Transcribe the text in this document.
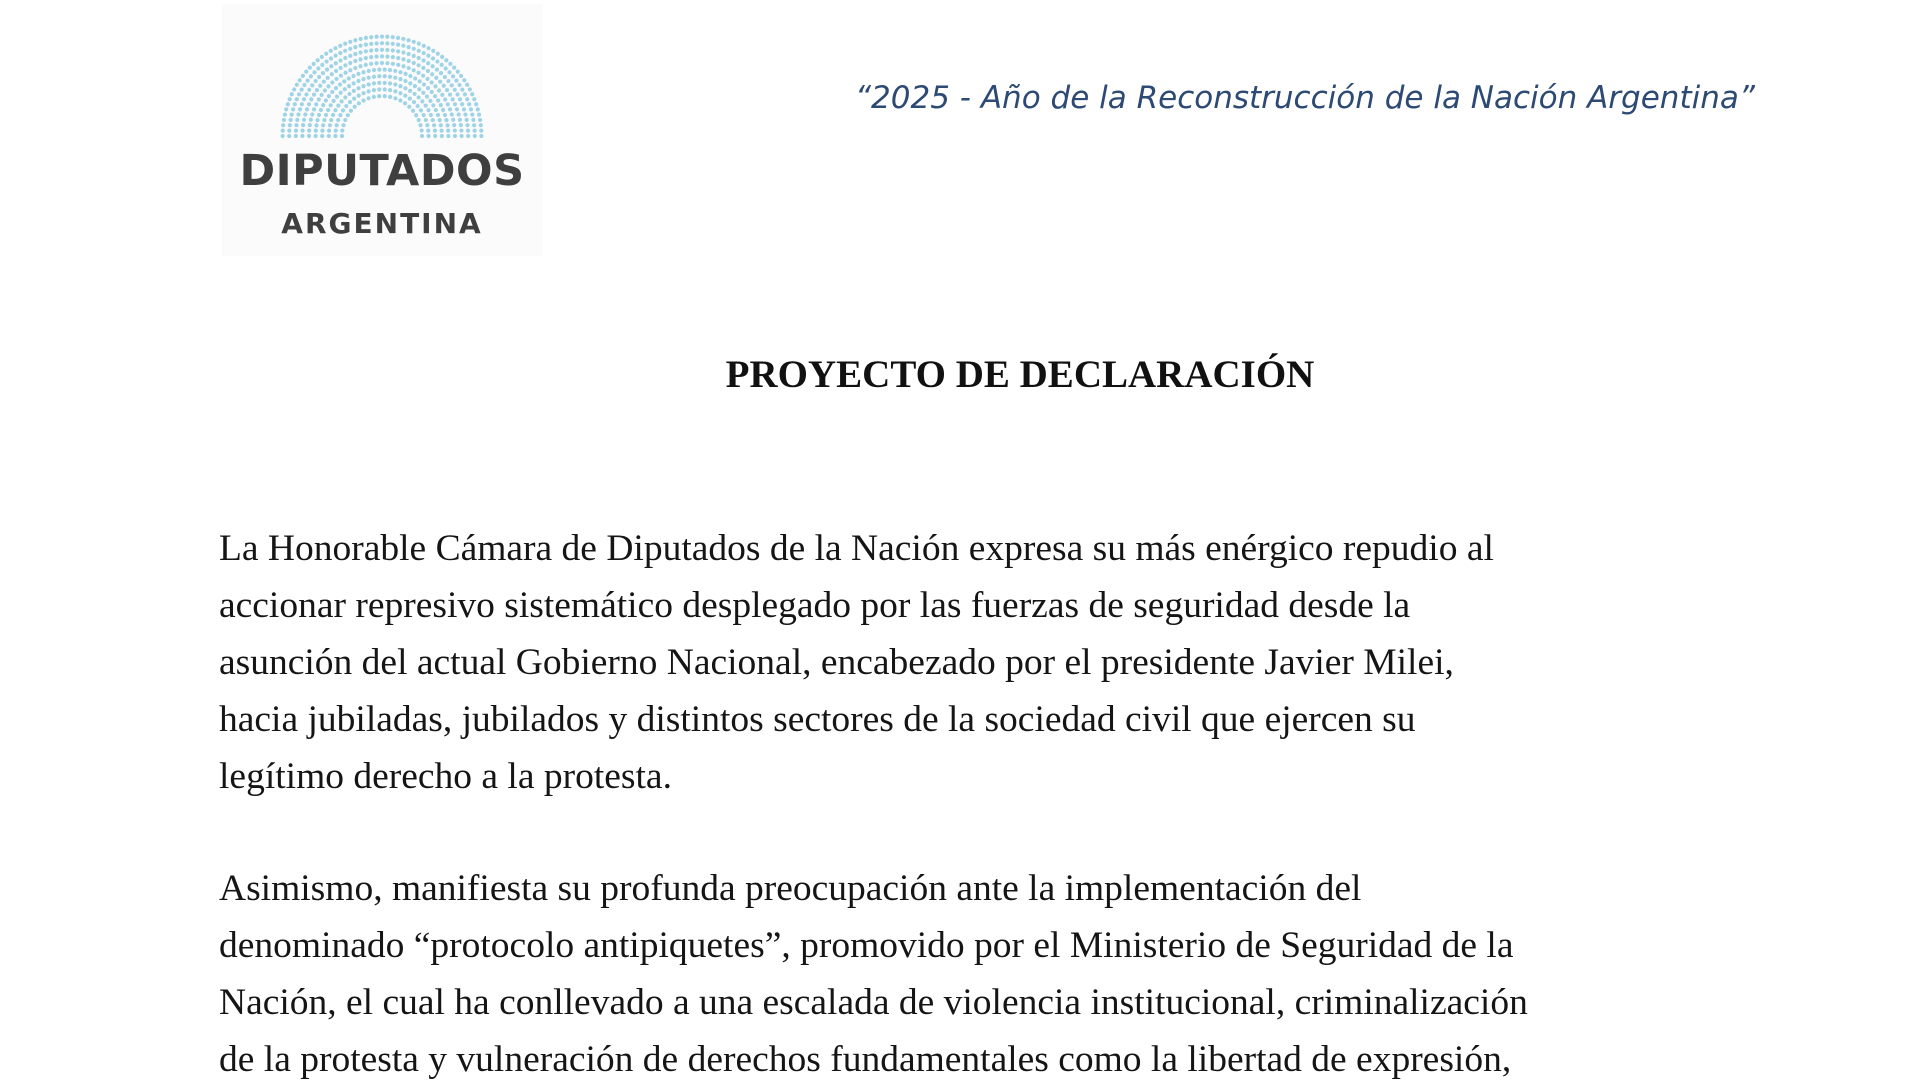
DIPUTADOS
ARGENTINA
“2025 - Año de la Reconstrucción de la Nación Argentina”
PROYECTO DE DECLARACIÓN

La Honorable Cámara de Diputados de la Nación expresa su más enérgico repudio al
accionar represivo sistemático desplegado por las fuerzas de seguridad desde la
asunción del actual Gobierno Nacional, encabezado por el presidente Javier Milei,
hacia jubiladas, jubilados y distintos sectores de la sociedad civil que ejercen su
legítimo derecho a la protesta.

Asimismo, manifiesta su profunda preocupación ante la implementación del
denominado “protocolo antipiquetes”, promovido por el Ministerio de Seguridad de la
Nación, el cual ha conllevado a una escalada de violencia institucional, criminalización
de la protesta y vulneración de derechos fundamentales como la libertad de expresión,
